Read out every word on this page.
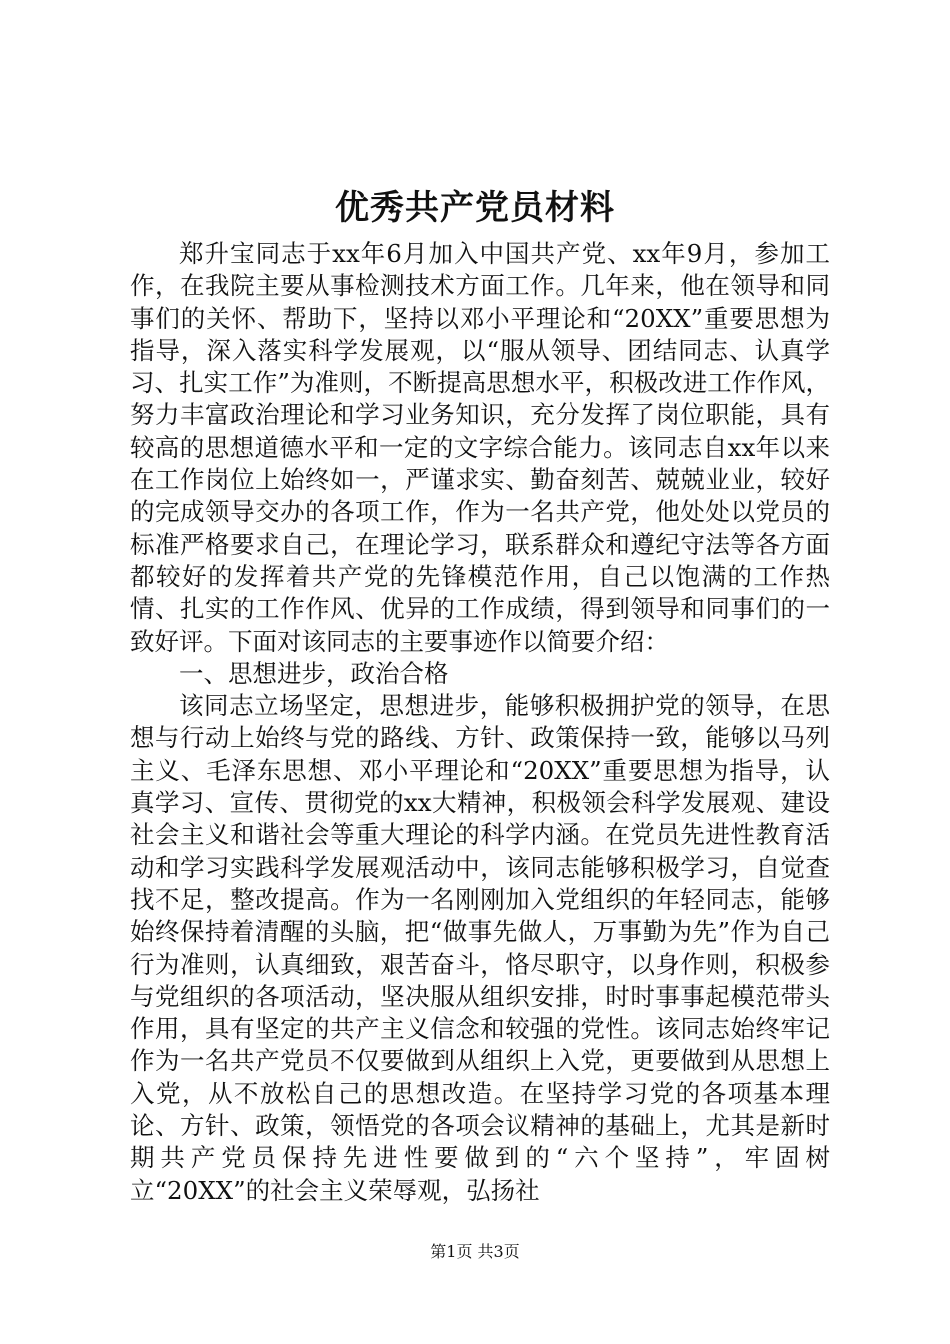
优秀共产党员材料

郑升宝同志于xx年6月加入中国共产党、xx年9月，参加工作，在我院主要从事检测技术方面工作。几年来，他在领导和同事们的关怀、帮助下，坚持以邓小平理论和“20XX”重要思想为指导，深入落实科学发展观，以“服从领导、团结同志、认真学习、扎实工作”为准则，不断提高思想水平，积极改进工作作风，努力丰富政治理论和学习业务知识，充分发挥了岗位职能，具有较高的思想道德水平和一定的文字综合能力。该同志自xx年以来在工作岗位上始终如一，严谨求实、勤奋刻苦、兢兢业业，较好的完成领导交办的各项工作，作为一名共产党，他处处以党员的标准严格要求自己，在理论学习，联系群众和遵纪守法等各方面都较好的发挥着共产党的先锋模范作用，自己以饱满的工作热情、扎实的工作作风、优异的工作成绩，得到领导和同事们的一致好评。下面对该同志的主要事迹作以简要介绍：

一、思想进步，政治合格

该同志立场坚定，思想进步，能够积极拥护党的领导，在思想与行动上始终与党的路线、方针、政策保持一致，能够以马列主义、毛泽东思想、邓小平理论和“20XX”重要思想为指导，认真学习、宣传、贯彻党的xx大精神，积极领会科学发展观、建设社会主义和谐社会等重大理论的科学内涵。在党员先进性教育活动和学习实践科学发展观活动中，该同志能够积极学习，自觉查找不足，整改提高。作为一名刚刚加入党组织的年轻同志，能够始终保持着清醒的头脑，把“做事先做人，万事勤为先”作为自己行为准则，认真细致，艰苦奋斗，恪尽职守，以身作则，积极参与党组织的各项活动，坚决服从组织安排，时时事事起模范带头作用，具有坚定的共产主义信念和较强的党性。该同志始终牢记作为一名共产党员不仅要做到从组织上入党，更要做到从思想上入党，从不放松自己的思想改造。在坚持学习党的各项基本理论、方针、政策，领悟党的各项会议精神的基础上，尤其是新时期共产党员保持先进性要做到的“六个坚持”，牢固树立“20XX”的社会主义荣辱观，弘扬社

第1页 共3页
